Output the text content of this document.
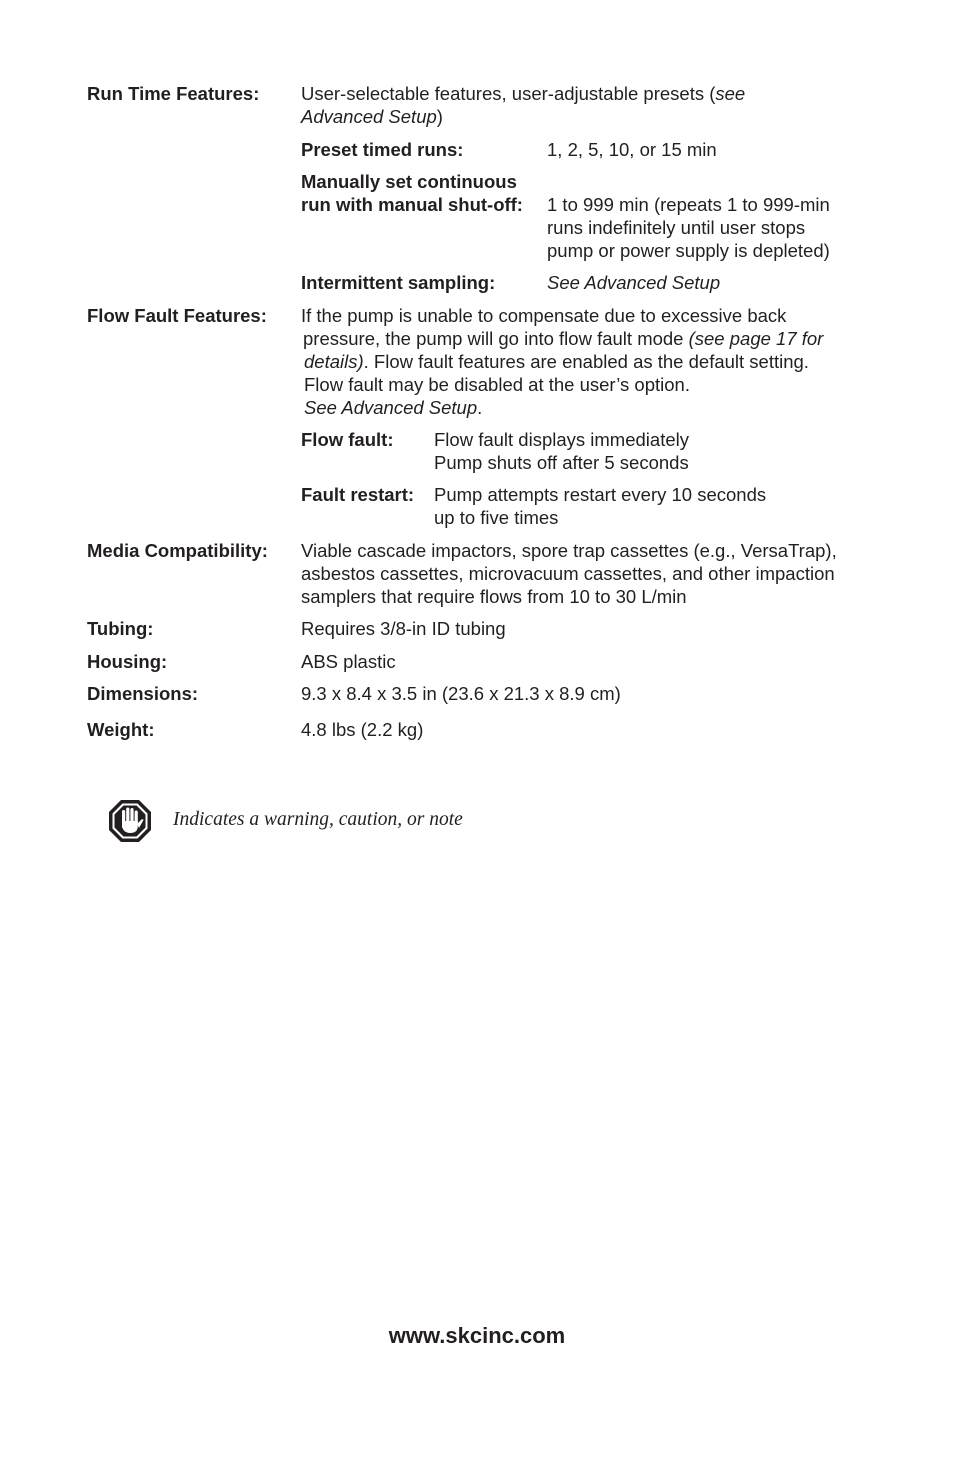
Run Time Features: User-selectable features, user-adjustable presets (see
Advanced Setup)
Preset timed runs:	1, 2, 5, 10, or 15 min
Manually set continuous
run with manual shut-off: 1 to 999 min (repeats 1 to 999-min
runs indefinitely until user stops
pump or power supply is depleted)
Intermittent sampling:	See Advanced Setup
Flow Fault Features: If the pump is unable to compensate due to excessive back
pressure, the pump will go into flow fault mode (see page 17 for
details). Flow fault features are enabled as the default setting.
Flow fault may be disabled at the user’s option.
See Advanced Setup.
Flow fault: Flow fault displays immediately
Pump shuts off after 5 seconds
Fault restart: Pump attempts restart every 10 seconds
up to five times
Media Compatibility: Viable cascade impactors, spore trap cassettes (e.g., VersaTrap),
asbestos cassettes, microvacuum cassettes, and other impaction
samplers that require flows from 10 to 30 L/min
Tubing:	Requires 3/8-in ID tubing
Housing:	ABS plastic
Dimensions:	9.3 x 8.4 x 3.5 in (23.6 x 21.3 x 8.9 cm)
Weight:	4.8 lbs (2.2 kg)
Indicates a warning, caution, or note
www.skcinc.com
